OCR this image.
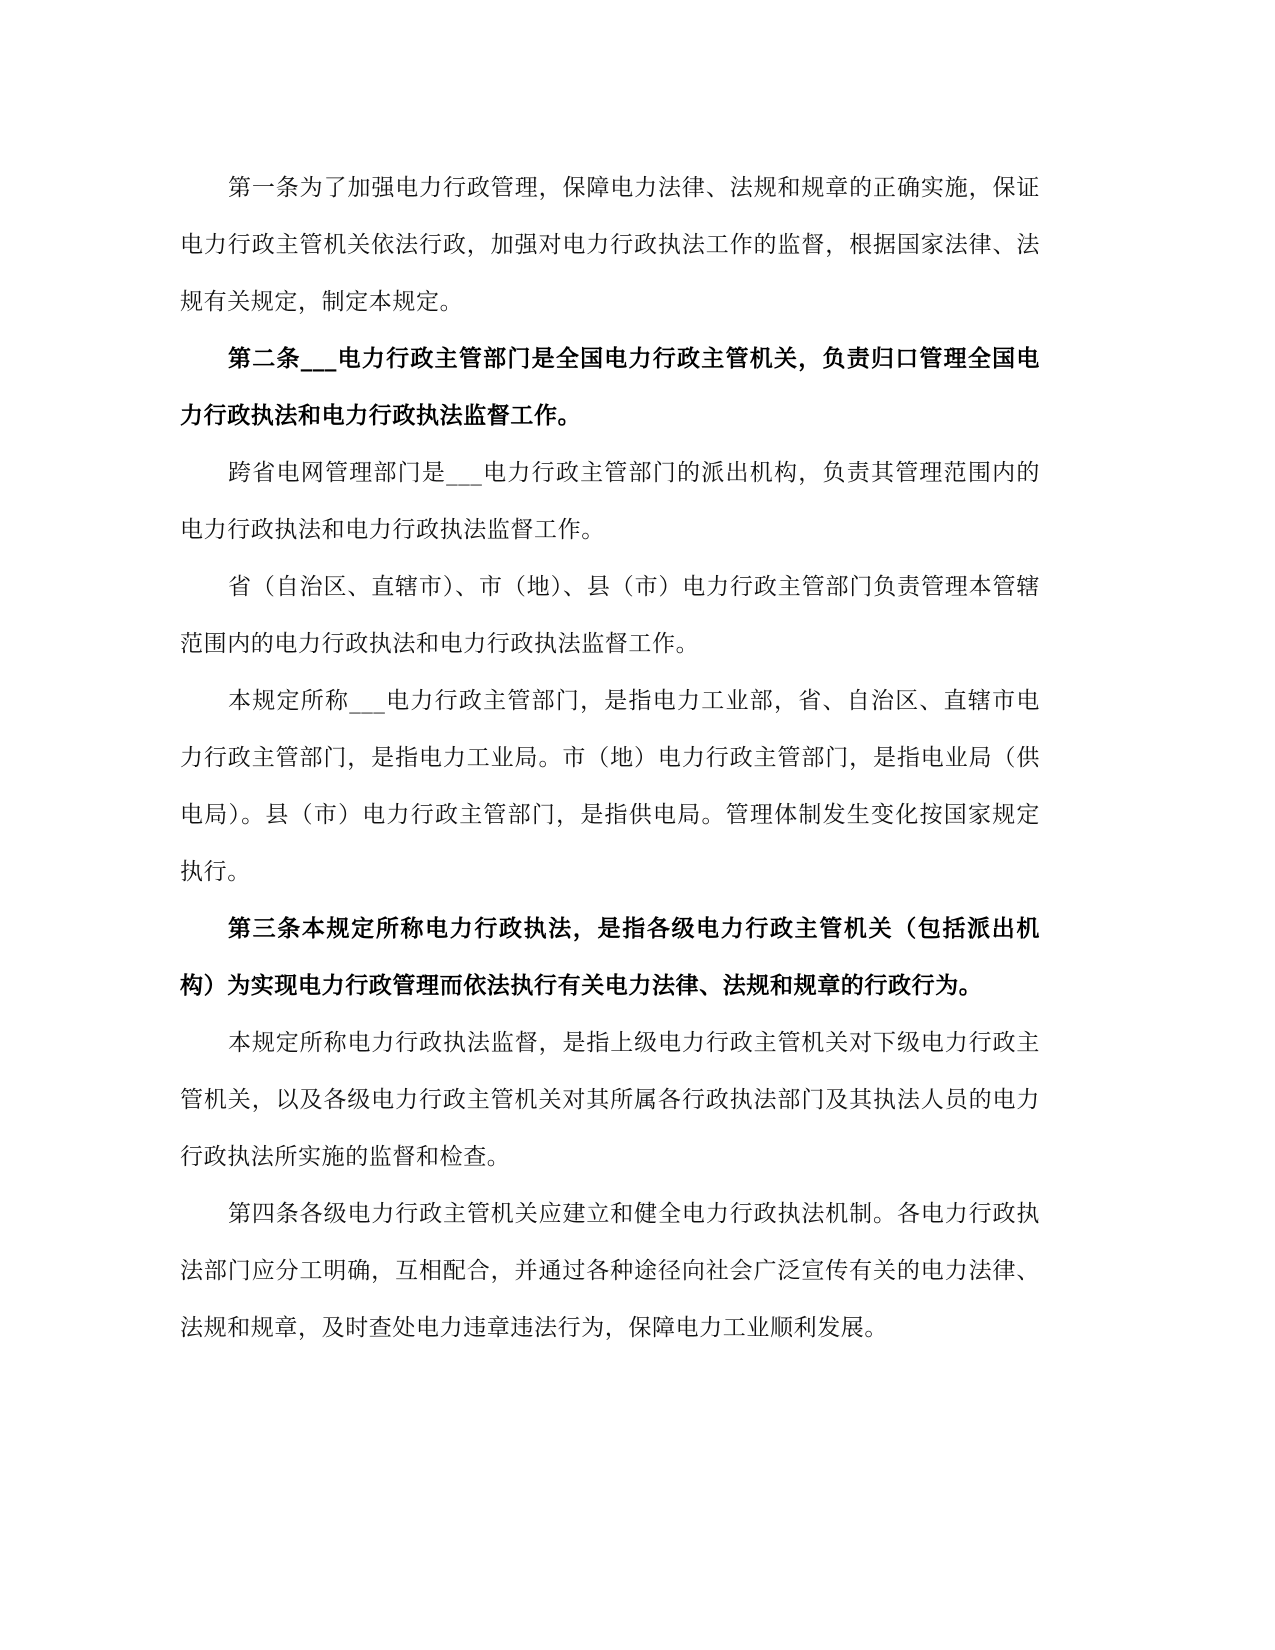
第一条为了加强电力行政管理，保障电力法律、法规和规章的正确实施，保证电力行政主管机关依法行政，加强对电力行政执法工作的监督，根据国家法律、法规有关规定，制定本规定。

第二条___电力行政主管部门是全国电力行政主管机关，负责归口管理全国电力行政执法和电力行政执法监督工作。

跨省电网管理部门是___电力行政主管部门的派出机构，负责其管理范围内的电力行政执法和电力行政执法监督工作。

省（自治区、直辖市）、市（地）、县（市）电力行政主管部门负责管理本管辖范围内的电力行政执法和电力行政执法监督工作。

本规定所称___电力行政主管部门，是指电力工业部，省、自治区、直辖市电力行政主管部门，是指电力工业局。市（地）电力行政主管部门，是指电业局（供电局）。县（市）电力行政主管部门，是指供电局。管理体制发生变化按国家规定执行。

第三条本规定所称电力行政执法，是指各级电力行政主管机关（包括派出机构）为实现电力行政管理而依法执行有关电力法律、法规和规章的行政行为。

本规定所称电力行政执法监督，是指上级电力行政主管机关对下级电力行政主管机关，以及各级电力行政主管机关对其所属各行政执法部门及其执法人员的电力行政执法所实施的监督和检查。

第四条各级电力行政主管机关应建立和健全电力行政执法机制。各电力行政执法部门应分工明确，互相配合，并通过各种途径向社会广泛宣传有关的电力法律、法规和规章，及时查处电力违章违法行为，保障电力工业顺利发展。
